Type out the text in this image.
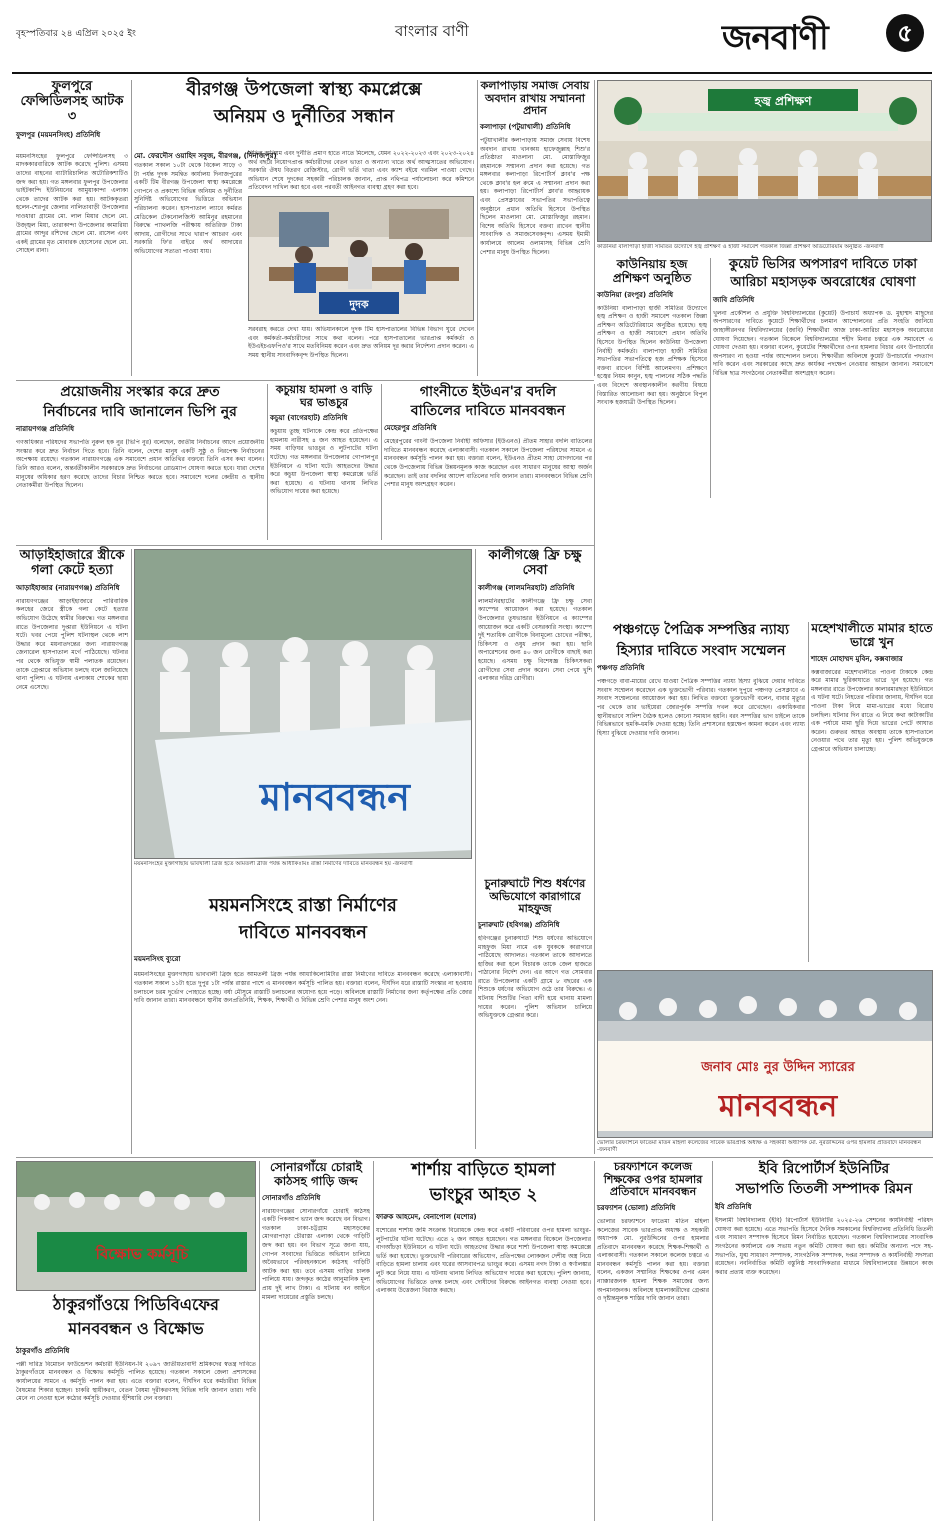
বৃহস্পতিবার ২৪ এপ্রিল ২০২৫ ইং	বাংলার বাণী	জনবাণী	৫
ফুলপুরে ফেন্সিডিলসহ আটক ৩
ফুলপুর (ময়মনসিংহ) প্রতিনিধি
ময়মনসিংহের ফুলপুরে ফেন্সিডিলসহ ৩ মাদককারবারিকে আটক করেছে পুলিশ। এসময় তাদের বাহনের ব্যাটারিচালিত অটোরিকশাটিও জব্দ করা হয়। গত মঙ্গলবার ফুলপুর উপজেলার ভাইটকান্দি ইউনিয়নের আমুয়াকান্দা এলাকা থেকে তাদের আটক করা হয়। আটককৃতরা হলেন-শেরপুর জেলার নালিতাবাড়ী উপজেলার দাওধারা গ্রামের মো. লাল মিয়ার ছেলে মো. উজ্জ্বল মিয়া, তারাকান্দা উপজেলার কামারিয়া গ্রামের আব্দুর রশিদের ছেলে মো. রাসেল এবং একই গ্রামের মৃত মোবারক হোসেনের ছেলে মো. সোহেল রানা।
বীরগঞ্জ উপজেলা স্বাস্থ্য কমপ্লেক্সে
অনিয়ম ও দুর্নীতির সন্ধান
মো. ফেরদৌস ওয়াহিদ সবুজ, বীরগঞ্জ, (দিনাজপুর)
গতকাল সকাল ১০টা থেকে বিকেল সাড়ে ৩ টা পর্যন্ত দুদক সমন্বিত কার্যালয় দিনাজপুরের একটি টিম বীরগঞ্জ উপজেলা স্বাস্থ্য কমপ্লেক্সে গোপনে ও প্রকাশ্যে বিভিন্ন অনিয়ম ও দুর্নীতির সুনির্দিষ্ট অভিযোগের ভিত্তিতে অভিযান পরিচালনা করেন। হাসপাতাল ল্যাবে কর্মরত মেডিকেল টেকনোলজিস্ট আমিনুর রহমানের বিরুদ্ধে প্যাথলজি পরীক্ষায় অতিরিক্ত টাকা আদায়, রোগীদের সাথে খারাপ আচরণ এবং সরকারি ফি'র বাইরে অর্থ আদায়ের অভিযোগের সত্যতা পাওয়া যায়।
বিভিন্ন অনিয়ম এবং দুর্নীতি প্রমাণ হাতে নাতে মিলেছে, যেমন ২০২২-২০২৩ এবং ২০২৩-২০২৪ অর্থ বছরে নিয়োগপ্রাপ্ত কর্মচারীদের বেতন ভাতা ও অন্যান্য খাতে অর্থ আত্মসাতের অভিযোগ। সরকারি ঔষধ বিতরণ রেজিস্টার, রোগী ভর্তি খাতা এবং ক্যাশ বইয়ে গরমিল পাওয়া গেছে। অভিযান শেষে দুদকের সহকারী পরিচালক জানান, প্রাপ্ত নথিপত্র পর্যালোচনা করে কমিশনে প্রতিবেদন দাখিল করা হবে এবং পরবর্তী আইনগত ব্যবস্থা গ্রহণ করা হবে।
দুদক
সরবরাহ করতে দেখা যায়। অভিযানকালে দুদক টিম হাসপাতালের বিভিন্ন বিভাগ ঘুরে দেখেন এবং কর্মকর্তা-কর্মচারীদের সাথে কথা বলেন। পরে হাসপাতালের ভারপ্রাপ্ত কর্মকর্তা ও ইউএইচএফপিও'র সাথে মতবিনিময় করেন এবং দ্রুত অনিয়ম দূর করার নির্দেশনা প্রদান করেন। এ সময় স্থানীয় সাংবাদিকবৃন্দ উপস্থিত ছিলেন।
কলাপাড়ায় সমাজ সেবায় অবদান রাখায় সম্মাননা প্রদান
কলাপাড়া (পটুয়াখালী) প্রতিনিধি
পটুয়াখালীর কলাপাড়ায় সমাজ সেবায় বিশেষ অবদান রাখায় খানকায় হাফেজুল্লাহ শিশু'র প্রতিষ্ঠাতা মাওলানা মো. মোস্তাফিজুর রহমানকে সম্মাননা প্রদান করা হয়েছে। গত মঙ্গলবার কলাপাড়া রিপোর্টার্স ক্লাব'র পক্ষ থেকে ক্লাব'র হল রুমে এ সম্মাননা প্রদান করা হয়। কলাপাড়া রিপোর্টার্স ক্লাব'র আহ্বায়ক এবং প্রেসক্লাবের সভাপতির সভাপতিত্বে অনুষ্ঠানে প্রধান অতিথি হিসেবে উপস্থিত ছিলেন মাওলানা মো. মোস্তাফিজুর রহমান। বিশেষ অতিথি হিসেবে বক্তব্য রাখেন স্থানীয় সাংবাদিক ও সমাজসেবকবৃন্দ। এসময় ইমামী কার্যালয়ে আলেম ওলামাসহ বিভিন্ন শ্রেণি পেশার মানুষ উপস্থিত ছিলেন।
হজ্ব প্রশিক্ষণ
কাউনিয়া বালাপাড়া হাজী সমিতির উদ্যোগে হজ্ব প্রশিক্ষণ ও হাজী সমাবেশ গতকাল জিল্লা প্রশিক্ষণ অডিটোরিয়াম অনুষ্ঠিত -জনবাণী
কাউনিয়ায় হজ প্রশিক্ষণ অনুষ্ঠিত
কাউনিয়া (রংপুর) প্রতিনিধি
কাউনিয়া বালাপাড়া হাজী সমিতির উদ্যোগে হজ্ব প্রশিক্ষণ ও হাজী সমাবেশ গতকাল জিল্লা প্রশিক্ষণ অডিটোরিয়ামে অনুষ্ঠিত হয়েছে। হজ্ব প্রশিক্ষণ ও হাজী সমাবেশে প্রধান অতিথি হিসেবে উপস্থিত ছিলেন কাউনিয়া উপজেলা নির্বাহী কর্মকর্তা। বালাপাড়া হাজী সমিতির সভাপতির সভাপতিত্বে হজ প্রশিক্ষক হিসেবে বক্তব্য রাখেন বিশিষ্ট আলেমগণ। প্রশিক্ষণে হজ্বের নিয়ম কানুন, হজ্ব পালনের সঠিক পদ্ধতি এবং বিদেশে অবস্থানকালীন করণীয় বিষয়ে বিস্তারিত আলোচনা করা হয়। অনুষ্ঠানে বিপুল সংখ্যক হজযাত্রী উপস্থিত ছিলেন।
কুয়েট ভিসির অপসারণ দাবিতে ঢাকা
আরিচা মহাসড়ক অবরোধের ঘোষণা
জাবি প্রতিনিধি
খুলনা প্রকৌশল ও প্রযুক্তি বিশ্ববিদ্যালয়ের (কুয়েট) উপাচার্য অধ্যাপক ড. মুহাম্মদ মাছুদের অপসারণের দাবিতে কুয়েটে শিক্ষার্থীদের চলমান আন্দোলনের প্রতি সংহতি জানিয়ে জাহাঙ্গীরনগর বিশ্ববিদ্যালয়ের (জাবি) শিক্ষার্থীরা আজ ঢাকা-আরিচা মহাসড়ক অবরোধের ঘোষণা দিয়েছেন। গতকাল বিকেলে বিশ্ববিদ্যালয়ের শহীদ মিনার চত্বরে এক সমাবেশে এ ঘোষণা দেওয়া হয়। বক্তারা বলেন, কুয়েটের শিক্ষার্থীদের ওপর হামলার বিচার এবং উপাচার্যের অপসারণ না হওয়া পর্যন্ত আন্দোলন চলবে। শিক্ষার্থীরা অবিলম্বে কুয়েট উপাচার্যের পদত্যাগ দাবি করেন এবং সরকারের কাছে দ্রুত কার্যকর পদক্ষেপ নেওয়ার আহ্বান জানান। সমাবেশে বিভিন্ন ছাত্র সংগঠনের নেতাকর্মীরা অংশগ্রহণ করেন।
প্রয়োজনীয় সংস্কার করে দ্রুত
নির্বাচনের দাবি জানালেন ভিপি নুর
নারায়ণগঞ্জ প্রতিনিধি
গণঅধিকার পরিষদের সভাপতি নুরুল হক নুর (ভিপি নুর) বলেছেন, জাতীয় নির্বাচনের আগে প্রয়োজনীয় সংস্কার করে দ্রুত নির্বাচন দিতে হবে। তিনি বলেন, দেশের মানুষ একটি সুষ্ঠু ও নিরপেক্ষ নির্বাচনের অপেক্ষায় রয়েছে। গতকাল নারায়ণগঞ্জে এক সমাবেশে প্রধান অতিথির বক্তব্যে তিনি এসব কথা বলেন। তিনি আরও বলেন, অন্তর্বর্তীকালীন সরকারকে দ্রুত নির্বাচনের রোডম্যাপ ঘোষণা করতে হবে। যারা দেশের মানুষের অধিকার হরণ করেছে তাদের বিচার নিশ্চিত করতে হবে। সমাবেশে দলের কেন্দ্রীয় ও স্থানীয় নেতাকর্মীরা উপস্থিত ছিলেন।
কচুয়ায় হামলা ও বাড়ি ঘর ভাঙচুর
কচুয়া (বাগেরহাট) প্রতিনিধি
কচুয়ায় তুচ্ছ ঘটনাকে কেন্দ্র করে প্রতিপক্ষের হামলায় নারীসহ ৪ জন আহত হয়েছেন। এ সময় বাড়িঘর ভাঙচুর ও লুটপাটের ঘটনা ঘটেছে। গত মঙ্গলবার উপজেলার গোপালপুর ইউনিয়নে এ ঘটনা ঘটে। আহতদের উদ্ধার করে কচুয়া উপজেলা স্বাস্থ্য কমপ্লেক্সে ভর্তি করা হয়েছে। এ ঘটনায় থানায় লিখিত অভিযোগ দায়ের করা হয়েছে।
গাংনীতে ইউএন'র বদলি
বাতিলের দাবিতে মানববন্ধন
মেহেরপুর প্রতিনিধি
মেহেরপুরের গাংনী উপজেলা নির্বাহী অফিসার (ইউএনও) প্রীতম সাহার বদলি বাতিলের দাবিতে মানববন্ধন করেছে এলাকাবাসী। গতকাল সকালে উপজেলা পরিষদের সামনে এ মানববন্ধন কর্মসূচি পালন করা হয়। বক্তারা বলেন, ইউএনও প্রীতম সাহা যোগদানের পর থেকে উপজেলায় বিভিন্ন উন্নয়নমূলক কাজ করেছেন এবং সাধারণ মানুষের আস্থা অর্জন করেছেন। তাই তার বদলির আদেশ বাতিলের দাবি জানান তারা। মানববন্ধনে বিভিন্ন শ্রেণি পেশার মানুষ অংশগ্রহণ করেন।
আড়াইহাজারে স্ত্রীকে গলা কেটে হত্যা
আড়াইহাজার (নারায়ণগঞ্জ) প্রতিনিধি
নারায়ণগঞ্জের আড়াইহাজারে পারিবারিক কলহের জেরে স্ত্রীকে গলা কেটে হত্যার অভিযোগ উঠেছে স্বামীর বিরুদ্ধে। গত মঙ্গলবার রাতে উপজেলার দুপ্তারা ইউনিয়নে এ ঘটনা ঘটে। খবর পেয়ে পুলিশ ঘটনাস্থল থেকে লাশ উদ্ধার করে ময়নাতদন্তের জন্য নারায়ণগঞ্জ জেনারেল হাসপাতাল মর্গে পাঠিয়েছে। ঘটনার পর থেকে অভিযুক্ত স্বামী পলাতক রয়েছেন। তাকে গ্রেপ্তারে অভিযান চলছে বলে জানিয়েছে থানা পুলিশ। এ ঘটনায় এলাকায় শোকের ছায়া নেমে এসেছে।
মানববন্ধন
ময়মনসিংহের মুক্তাগাছায় ভাবখালী ব্রিজ হতে আমতলী ব্রীজ পর্যন্ত আধাকিঃমিঃ রাস্তা নির্মাণের দাবিতে মানববন্ধন হয় -জনবাণী
কালীগঞ্জে ফ্রি চক্ষু সেবা
কালীগঞ্জ (লালমনিরহাট) প্রতিনিধি
লালমনিরহাটের কালীগঞ্জে ফ্রি চক্ষু সেবা ক্যাম্পের আয়োজন করা হয়েছে। গতকাল উপজেলার তুষভান্ডার ইউনিয়নে এ ক্যাম্পের আয়োজন করে একটি বেসরকারি সংস্থা। ক্যাম্পে দুই শতাধিক রোগীকে বিনামূল্যে চোখের পরীক্ষা, চিকিৎসা ও ওষুধ প্রদান করা হয়। ছানি অপারেশনের জন্য ৪০ জন রোগীকে বাছাই করা হয়েছে। এসময় চক্ষু বিশেষজ্ঞ চিকিৎসকরা রোগীদের সেবা প্রদান করেন। সেবা পেয়ে খুশি এলাকার দরিদ্র রোগীরা।
ময়মনসিংহে রাস্তা নির্মাণের
দাবিতে মানববন্ধন
ময়মনসিংহ ব্যুরো
ময়মনসিংহের মুক্তাগাছায় ভাবখালী ব্রিজ হতে আমতলী ব্রিজ পর্যন্ত আধাকিলোমিটার রাস্তা নির্মাণের দাবিতে মানববন্ধন করেছে এলাকাবাসী। গতকাল সকাল ১১টা হতে দুপুর ১টা পর্যন্ত রাস্তার পাশে এ মানববন্ধন কর্মসূচি পালিত হয়। বক্তারা বলেন, দীর্ঘদিন ধরে রাস্তাটি সংস্কার না হওয়ায় চলাচলে চরম দুর্ভোগ পোহাতে হচ্ছে। বর্ষা মৌসুমে রাস্তাটি চলাচলের অযোগ্য হয়ে পড়ে। অবিলম্বে রাস্তাটি নির্মাণের জন্য কর্তৃপক্ষের প্রতি জোর দাবি জানান তারা। মানববন্ধনে স্থানীয় জনপ্রতিনিধি, শিক্ষক, শিক্ষার্থী ও বিভিন্ন শ্রেণি পেশার মানুষ অংশ নেন।
চুনারুঘাটে শিশু ধর্ষণের অভিযোগে কারাগারে মাহফুজ
চুনারুঘাট (হবিগঞ্জ) প্রতিনিধি
হবিগঞ্জের চুনারুঘাটে শিশু ধর্ষণের অভিযোগে মাহফুজ মিয়া নামে এক যুবককে কারাগারে পাঠিয়েছে আদালত। গতকাল তাকে আদালতে হাজির করা হলে বিচারক তাকে জেল হাজতে পাঠানোর নির্দেশ দেন। এর আগে গত সোমবার রাতে উপজেলার একটি গ্রামে ৮ বছরের এক শিশুকে ধর্ষণের অভিযোগ ওঠে তার বিরুদ্ধে। এ ঘটনায় শিশুটির পিতা বাদী হয়ে থানায় মামলা দায়ের করেন। পুলিশ অভিযান চালিয়ে অভিযুক্তকে গ্রেপ্তার করে।
পঞ্চগড়ে পৈত্রিক সম্পত্তির ন্যায্য
হিস্যার দাবিতে সংবাদ সম্মেলন
পঞ্চগড় প্রতিনিধি
পঞ্চগড়ে বাবা-মায়ের রেখে যাওয়া পৈত্রিক সম্পত্তির ন্যায্য হিস্যা বুঝিয়ে দেয়ার দাবিতে সংবাদ সম্মেলন করেছেন এক ভুক্তভোগী পরিবার। গতকাল দুপুরে পঞ্চগড় প্রেসক্লাবে এ সংবাদ সম্মেলনের আয়োজন করা হয়। লিখিত বক্তব্যে ভুক্তভোগী বলেন, বাবার মৃত্যুর পর থেকে তার ভাইয়েরা জোরপূর্বক সম্পত্তি দখল করে রেখেছেন। একাধিকবার স্থানীয়ভাবে সালিশ বৈঠক হলেও কোনো সমাধান হয়নি। বরং সম্পত্তির ভাগ চাইলে তাকে বিভিন্নভাবে হুমকি-ধমকি দেওয়া হচ্ছে। তিনি প্রশাসনের হস্তক্ষেপ কামনা করেন এবং ন্যায্য হিস্যা বুঝিয়ে দেওয়ার দাবি জানান।
মহেশখালীতে মামার হাতে ভাগ্নে খুন
শাহেদ মোহাম্মদ মুবিন, কক্সবাজার
কক্সবাজারের মহেশখালীতে পাওনা টাকাকে কেন্দ্র করে মামার ছুরিকাঘাতে ভাগ্নে খুন হয়েছে। গত মঙ্গলবার রাতে উপজেলার কালারমারছড়া ইউনিয়নে এ ঘটনা ঘটে। নিহতের পরিবার জানায়, দীর্ঘদিন ধরে পাওনা টাকা নিয়ে মামা-ভাগ্নের মধ্যে বিরোধ চলছিল। ঘটনার দিন রাতে এ নিয়ে কথা কাটাকাটির এক পর্যায়ে মামা ছুরি দিয়ে ভাগ্নের পেটে আঘাত করেন। গুরুতর আহত অবস্থায় তাকে হাসপাতালে নেওয়ার পথে তার মৃত্যু হয়। পুলিশ অভিযুক্তকে গ্রেপ্তারে অভিযান চালাচ্ছে।
জনাব মোঃ নুর উদ্দিন স্যারের
মানববন্ধন
ভোলার চরফ্যাশনে ফাতেমা মতিন মহিলা কলেজের সাবেক ভারপ্রাপ্ত অধ্যক্ষ ও সহকারী অধ্যাপক মো. নুরউদ্দিনের ওপর হামলার প্রতিবাদে মানববন্ধন -জনবাণী
বিক্ষোভ কর্মসূচি
ঠাকুরগাঁওয়ে পিডিবিএফের
মানববন্ধন ও বিক্ষোভ
ঠাকুরগাঁও প্রতিনিধি
পল্লী দারিদ্র বিমোচন ফাউন্ডেশন কর্মচারী ইউনিয়ন-বি ২০৯৭ জাতীয়তাবাদী শ্রমিকদের স্বতন্ত্র দাবিতে ঠাকুরগাঁওয়ে মানববন্ধন ও বিক্ষোভ কর্মসূচি পালিত হয়েছে। গতকাল সকালে জেলা প্রশাসকের কার্যালয়ের সামনে এ কর্মসূচি পালন করা হয়। এতে বক্তারা বলেন, দীর্ঘদিন ধরে কর্মচারীরা বিভিন্ন বৈষম্যের শিকার হচ্ছেন। চাকরি স্থায়ীকরণ, বেতন বৈষম্য দূরীকরণসহ বিভিন্ন দাবি জানান তারা। দাবি মেনে না নেওয়া হলে কঠোর কর্মসূচি দেওয়ার হুঁশিয়ারি দেন বক্তারা।
সোনারগাঁয়ে চোরাই কাঠসহ গাড়ি জব্দ
সোনারগাঁও প্রতিনিধি
নারায়ণগঞ্জের সোনারগাঁয়ে চোরাই কাঠসহ একটি পিকআপ ভ্যান জব্দ করেছে বন বিভাগ। গতকাল ঢাকা-চট্টগ্রাম মহাসড়কের মোগরাপাড়া চৌরাস্তা এলাকা থেকে গাড়িটি জব্দ করা হয়। বন বিভাগ সূত্রে জানা যায়, গোপন সংবাদের ভিত্তিতে অভিযান চালিয়ে অবৈধভাবে পরিবহনকালে কাঠসহ গাড়িটি আটক করা হয়। তবে এসময় গাড়ির চালক পালিয়ে যায়। জব্দকৃত কাঠের আনুমানিক মূল্য প্রায় দুই লাখ টাকা। এ ঘটনায় বন আইনে মামলা দায়েরের প্রস্তুতি চলছে।
শার্শায় বাড়িতে হামলা
ভাংচুর আহত ২
ফারুক আহমেদ, বেনাপোল (যশোর)
যশোরের শার্শায় জমি সংক্রান্ত বিরোধকে কেন্দ্র করে একটি পরিবারের ওপর হামলা ভাংচুর-লুটপাটের ঘটনা ঘটেছে। এতে ২ জন আহত হয়েছেন। গত মঙ্গলবার বিকেলে উপজেলার বাগআঁচড়া ইউনিয়নে এ ঘটনা ঘটে। আহতদের উদ্ধার করে শার্শা উপজেলা স্বাস্থ্য কমপ্লেক্সে ভর্তি করা হয়েছে। ভুক্তভোগী পরিবারের অভিযোগ, প্রতিপক্ষের লোকজন দেশীয় অস্ত্র নিয়ে বাড়িতে হামলা চালায় এবং ঘরের আসবাবপত্র ভাংচুর করে। এসময় নগদ টাকা ও স্বর্ণালঙ্কার লুট করে নিয়ে যায়। এ ঘটনায় থানায় লিখিত অভিযোগ দায়ের করা হয়েছে। পুলিশ জানায়, অভিযোগের ভিত্তিতে তদন্ত চলছে এবং দোষীদের বিরুদ্ধে আইনগত ব্যবস্থা নেওয়া হবে। এলাকায় উত্তেজনা বিরাজ করছে।
চরফ্যাশনে কলেজ শিক্ষকের ওপর হামলার প্রতিবাদে মানববন্ধন
চরফ্যাশন (ভোলা) প্রতিনিধি
ভোলার চরফ্যাশনে ফাতেমা মতিন মহিলা কলেজের সাবেক ভারপ্রাপ্ত অধ্যক্ষ ও সহকারী অধ্যাপক মো. নুরউদ্দিনের ওপর হামলার প্রতিবাদে মানববন্ধন করেছে শিক্ষক-শিক্ষার্থী ও এলাকাবাসী। গতকাল সকালে কলেজ চত্বরে এ মানববন্ধন কর্মসূচি পালন করা হয়। বক্তারা বলেন, একজন সম্মানিত শিক্ষকের ওপর এমন ন্যাক্কারজনক হামলা শিক্ষক সমাজের জন্য অপমানজনক। অবিলম্বে হামলাকারীদের গ্রেপ্তার ও দৃষ্টান্তমূলক শাস্তির দাবি জানান তারা।
ইবি রিপোর্টার্স ইউনিটির
সভাপতি তিতলী সম্পাদক রিমন
ইবি প্রতিনিধি
ইসলামী বিশ্ববিদ্যালয় (ইবি) রিপোর্টার্স ইউনিটির ২০২৫-২৬ সেশনের কার্যনির্বাহী পরিষদ ঘোষণা করা হয়েছে। এতে সভাপতি হিসেবে দৈনিক সমকালের বিশ্ববিদ্যালয় প্রতিনিধি তিতলী এবং সাধারণ সম্পাদক হিসেবে রিমন নির্বাচিত হয়েছেন। গতকাল বিশ্ববিদ্যালয়ের সাংবাদিক সংগঠনের কার্যালয়ে এক সভায় নতুন কমিটি ঘোষণা করা হয়। কমিটির অন্যান্য পদে সহ-সভাপতি, যুগ্ম সাধারণ সম্পাদক, সাংগঠনিক সম্পাদক, দপ্তর সম্পাদক ও কার্যনির্বাহী সদস্যরা রয়েছেন। নবনির্বাচিত কমিটি বস্তুনিষ্ঠ সাংবাদিকতার মাধ্যমে বিশ্ববিদ্যালয়ের উন্নয়নে কাজ করার প্রত্যয় ব্যক্ত করেছেন।
